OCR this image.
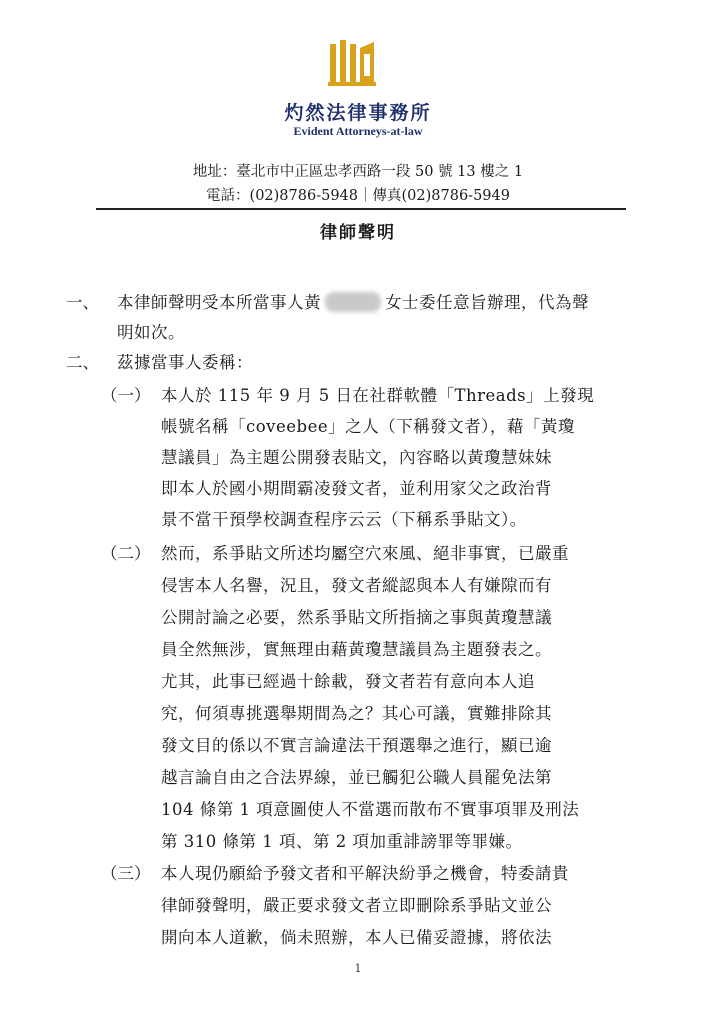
灼然法律事務所
Evident Attorneys-at-law
地址：臺北市中正區忠孝西路一段 50 號 13 樓之 1
電話：(02)8786-5948｜傳真(02)8786-5949
律師聲明
一、 本律師聲明受本所當事人黃	女士委任意旨辦理，代為聲
明如次。
二、 茲據當事人委稱：
（一） 本人於 115 年 9 月 5 日在社群軟體「Threads」上發現
帳號名稱「coveebee」之人（下稱發文者），藉「黃瓊
慧議員」為主題公開發表貼文，內容略以黃瓊慧妹妹
即本人於國小期間霸凌發文者，並利用家父之政治背
景不當干預學校調查程序云云（下稱系爭貼文）。
（二） 然而，系爭貼文所述均屬空穴來風、絕非事實，已嚴重
侵害本人名譽，況且，發文者縱認與本人有嫌隙而有
公開討論之必要，然系爭貼文所指摘之事與黃瓊慧議
員全然無涉，實無理由藉黃瓊慧議員為主題發表之。
尤其，此事已經過十餘載，發文者若有意向本人追
究，何須專挑選舉期間為之？其心可議，實難排除其
發文目的係以不實言論違法干預選舉之進行，顯已逾
越言論自由之合法界線，並已觸犯公職人員罷免法第
104 條第 1 項意圖使人不當選而散布不實事項罪及刑法
第 310 條第 1 項、第 2 項加重誹謗罪等罪嫌。
（三） 本人現仍願給予發文者和平解決紛爭之機會，特委請貴
律師發聲明，嚴正要求發文者立即刪除系爭貼文並公
開向本人道歉，倘未照辦，本人已備妥證據，將依法
1
